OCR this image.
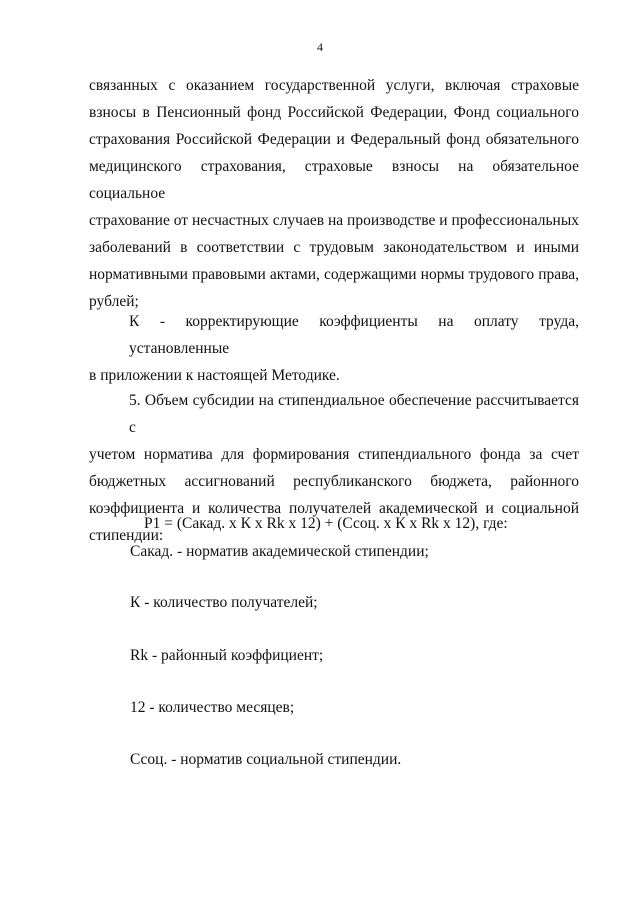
4
связанных с оказанием государственной услуги, включая страховые
взносы в Пенсионный фонд Российской Федерации, Фонд социального
страхования Российской Федерации и Федеральный фонд обязательного
медицинского страхования, страховые взносы на обязательное социальное
страхование от несчастных случаев на производстве и профессиональных
заболеваний в соответствии с трудовым законодательством и иными
нормативными правовыми актами, содержащими нормы трудового права,
рублей;
К - корректирующие коэффициенты на оплату труда, установленные
в приложении к настоящей Методике.
5. Объем субсидии на стипендиальное обеспечение рассчитывается с
учетом норматива для формирования стипендиального фонда за счет
бюджетных ассигнований республиканского бюджета, районного
коэффициента и количества получателей академической и социальной
стипендии:
P1 = (Сакад. х К х Rk х 12) + (Ссоц. х К х Rk х 12), где:
Сакад. - норматив академической стипендии;
К - количество получателей;
Rk - районный коэффициент;
12 - количество месяцев;
Ссоц. - норматив социальной стипендии.
